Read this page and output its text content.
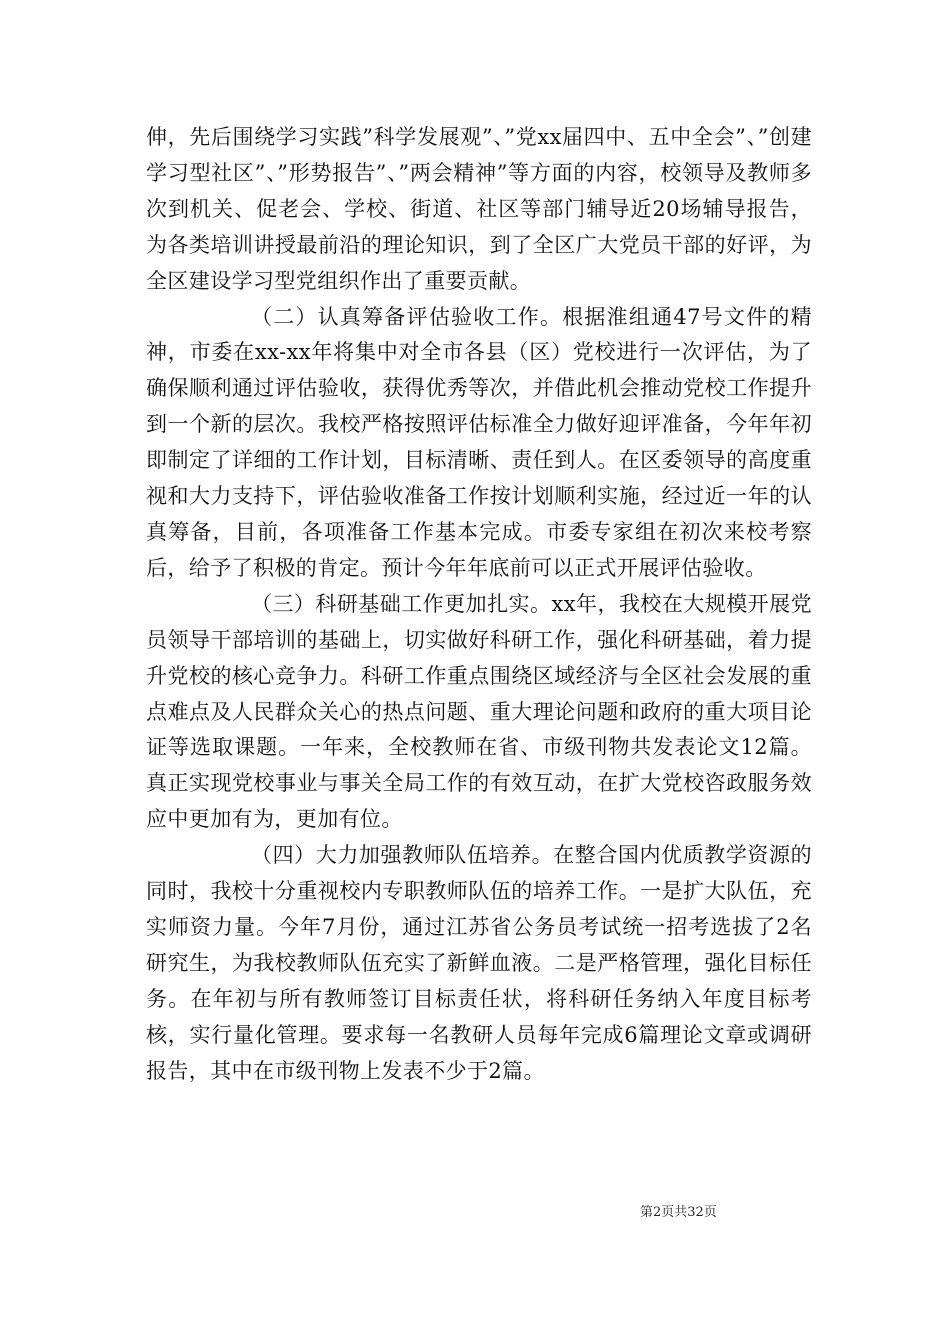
伸，先后围绕学习实践”科学发展观”、”党xx届四中、五中全会”、”创建学习型社区”、”形势报告”、”两会精神”等方面的内容，校领导及教师多次到机关、促老会、学校、街道、社区等部门辅导近20场辅导报告，为各类培训讲授最前沿的理论知识，到了全区广大党员干部的好评，为全区建设学习型党组织作出了重要贡献。

（二）认真筹备评估验收工作。根据淮组通47号文件的精神，市委在xx-xx年将集中对全市各县（区）党校进行一次评估，为了确保顺利通过评估验收，获得优秀等次，并借此机会推动党校工作提升到一个新的层次。我校严格按照评估标准全力做好迎评准备，今年年初即制定了详细的工作计划，目标清晰、责任到人。在区委领导的高度重视和大力支持下，评估验收准备工作按计划顺利实施，经过近一年的认真筹备，目前，各项准备工作基本完成。市委专家组在初次来校考察后，给予了积极的肯定。预计今年年底前可以正式开展评估验收。

（三）科研基础工作更加扎实。xx年，我校在大规模开展党员领导干部培训的基础上，切实做好科研工作，强化科研基础，着力提升党校的核心竞争力。科研工作重点围绕区域经济与全区社会发展的重点难点及人民群众关心的热点问题、重大理论问题和政府的重大项目论证等选取课题。一年来，全校教师在省、市级刊物共发表论文12篇。真正实现党校事业与事关全局工作的有效互动，在扩大党校咨政服务效应中更加有为，更加有位。

（四）大力加强教师队伍培养。在整合国内优质教学资源的同时，我校十分重视校内专职教师队伍的培养工作。一是扩大队伍，充实师资力量。今年7月份，通过江苏省公务员考试统一招考选拔了2名研究生，为我校教师队伍充实了新鲜血液。二是严格管理，强化目标任务。在年初与所有教师签订目标责任状，将科研任务纳入年度目标考核，实行量化管理。要求每一名教研人员每年完成6篇理论文章或调研报告，其中在市级刊物上发表不少于2篇。

第2页共32页
